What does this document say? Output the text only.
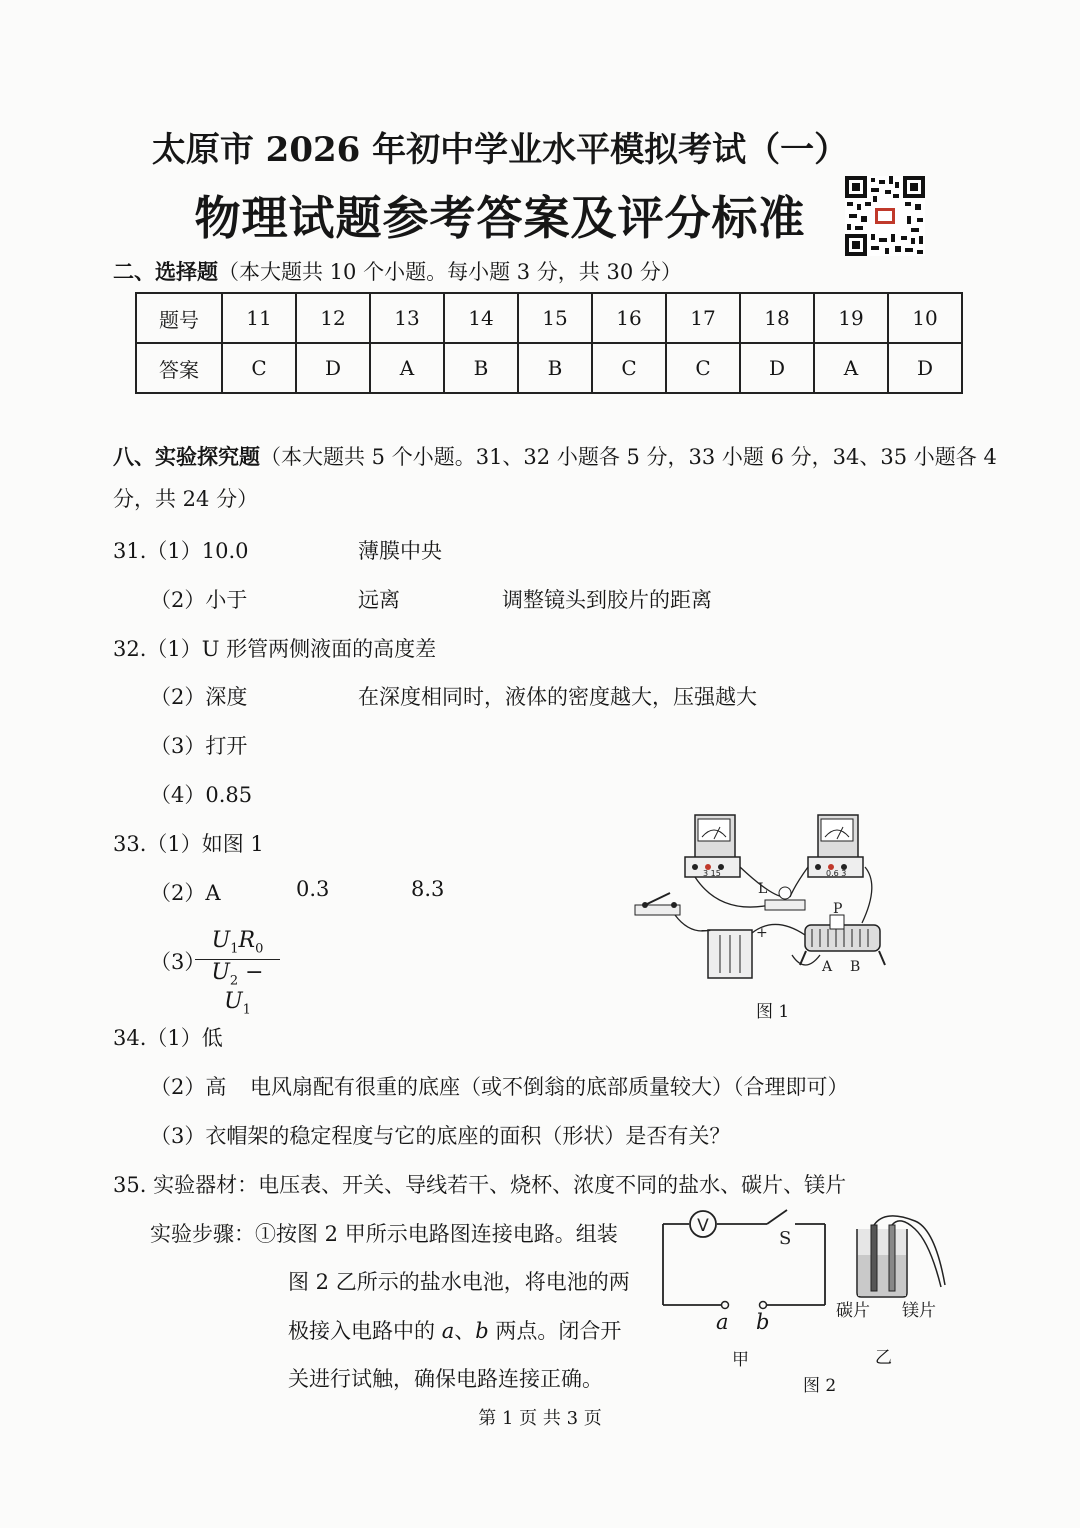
太原市 2026 年初中学业水平模拟考试（一）
物理试题参考答案及评分标准
二、选择题（本大题共 10 个小题。每小题 3 分，共 30 分）
题号	11	12	13	14	15	16	17	18	19	10
答案	C	D	A	B	B	C	C	D	A	D
八、实验探究题（本大题共 5 个小题。31、32 小题各 5 分，33 小题 6 分，34、35 小题各 4
分，共 24 分）
31.（1）10.0	薄膜中央
（2）小于	远离	调整镜头到胶片的距离
32.（1）U 形管两侧液面的高度差
（2）深度	在深度相同时，液体的密度越大，压强越大
（3）打开
（4）0.85
33.（1）如图 1
（2）A	0.3	8.3
（3）
$\frac{U_1R_0}{U_2 - U_1}$
3 15	0.6 3
L
−	+
P
A B
图 1
34.（1）低
（2）高 电风扇配有很重的底座（或不倒翁的底部质量较大）（合理即可）
（3）衣帽架的稳定程度与它的底座的面积（形状）是否有关？
35. 实验器材：电压表、开关、导线若干、烧杯、浓度不同的盐水、碳片、镁片
实验步骤：①按图 2 甲所示电路图连接电路。组装
图 2 乙所示的盐水电池，将电池的两
极接入电路中的 a、b 两点。闭合开
关进行试触，确保电路连接正确。
V
S
a b
甲
碳片 镁片
乙
图 2
第 1 页 共 3 页
